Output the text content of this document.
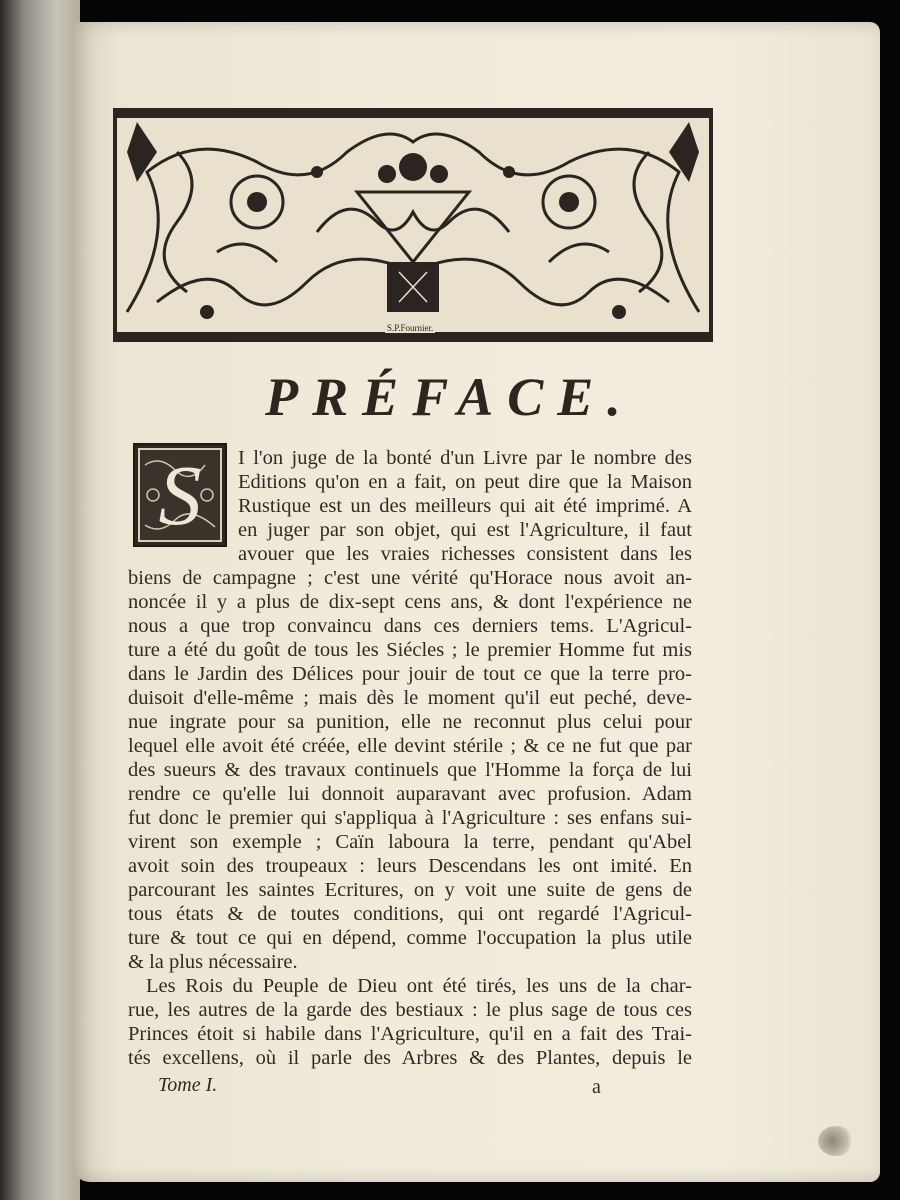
S.P.Fournier.
PRÉFACE.
S	I l'on juge de la bonté d'un Livre par le nombre des

Editions qu'on en a fait, on peut dire que la Maison

Rustique est un des meilleurs qui ait été imprimé. A

en juger par son objet, qui est l'Agriculture, il faut

avouer que les vraies richesses consistent dans les

biens de campagne ; c'est une vérité qu'Horace nous avoit an-

noncée il y a plus de dix-sept cens ans, & dont l'expérience ne

nous a que trop convaincu dans ces derniers tems. L'Agricul-

ture a été du goût de tous les Siécles ; le premier Homme fut mis

dans le Jardin des Délices pour jouir de tout ce que la terre pro-

duisoit d'elle-même ; mais dès le moment qu'il eut peché, deve-

nue ingrate pour sa punition, elle ne reconnut plus celui pour

lequel elle avoit été créée, elle devint stérile ; & ce ne fut que par

des sueurs & des travaux continuels que l'Homme la força de lui

rendre ce qu'elle lui donnoit auparavant avec profusion. Adam

fut donc le premier qui s'appliqua à l'Agriculture : ses enfans sui-

virent son exemple ; Caïn laboura la terre, pendant qu'Abel

avoit soin des troupeaux : leurs Descendans les ont imité. En

parcourant les saintes Ecritures, on y voit une suite de gens de

tous états & de toutes conditions, qui ont regardé l'Agricul-

ture & tout ce qui en dépend, comme l'occupation la plus utile

& la plus nécessaire.

Les Rois du Peuple de Dieu ont été tirés, les uns de la char-

rue, les autres de la garde des bestiaux : le plus sage de tous ces

Princes étoit si habile dans l'Agriculture, qu'il en a fait des Trai-

tés excellens, où il parle des Arbres & des Plantes, depuis le

Tome I.	a
